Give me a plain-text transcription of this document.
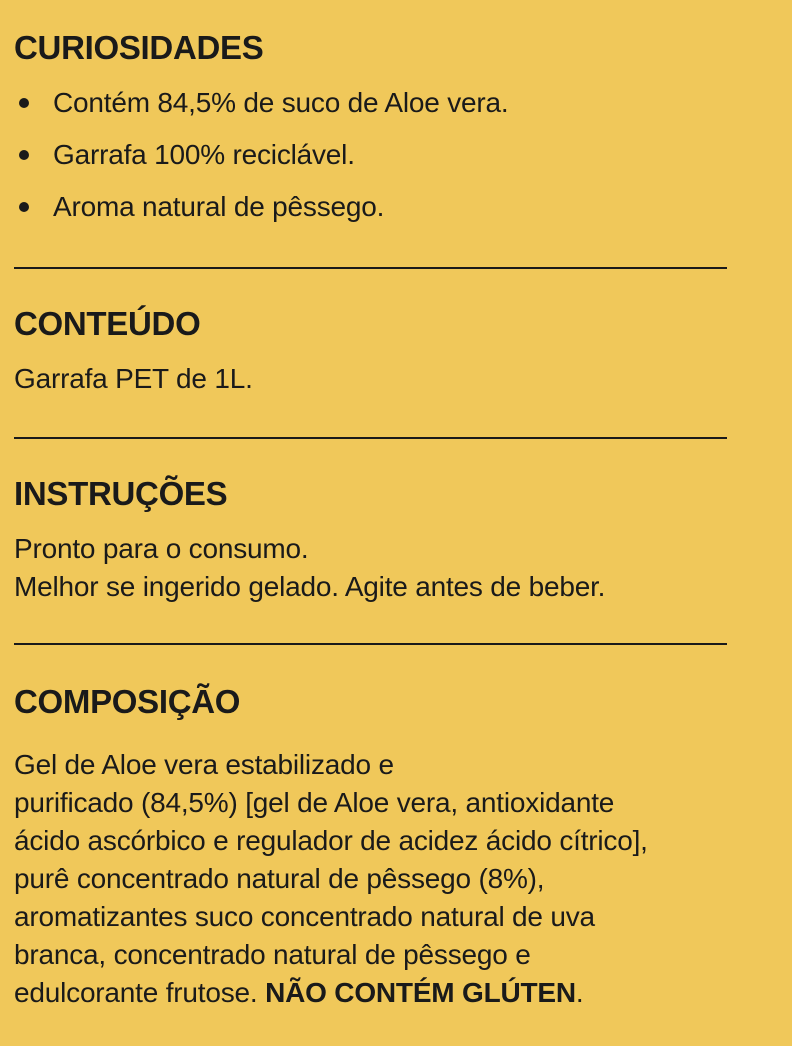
CURIOSIDADES
Contém 84,5% de suco de Aloe vera.
Garrafa 100% reciclável.
Aroma natural de pêssego.
CONTEÚDO

Garrafa PET de 1L.

INSTRUÇÕES

Pronto para o consumo.

Melhor se ingerido gelado. Agite antes de beber.

COMPOSIÇÃO

Gel de Aloe vera estabilizado e

purificado (84,5%) [gel de Aloe vera, antioxidante

ácido ascórbico e regulador de acidez ácido cítrico],

purê concentrado natural de pêssego (8%),

aromatizantes suco concentrado natural de uva

branca, concentrado natural de pêssego e

edulcorante frutose. NÃO CONTÉM GLÚTEN.
